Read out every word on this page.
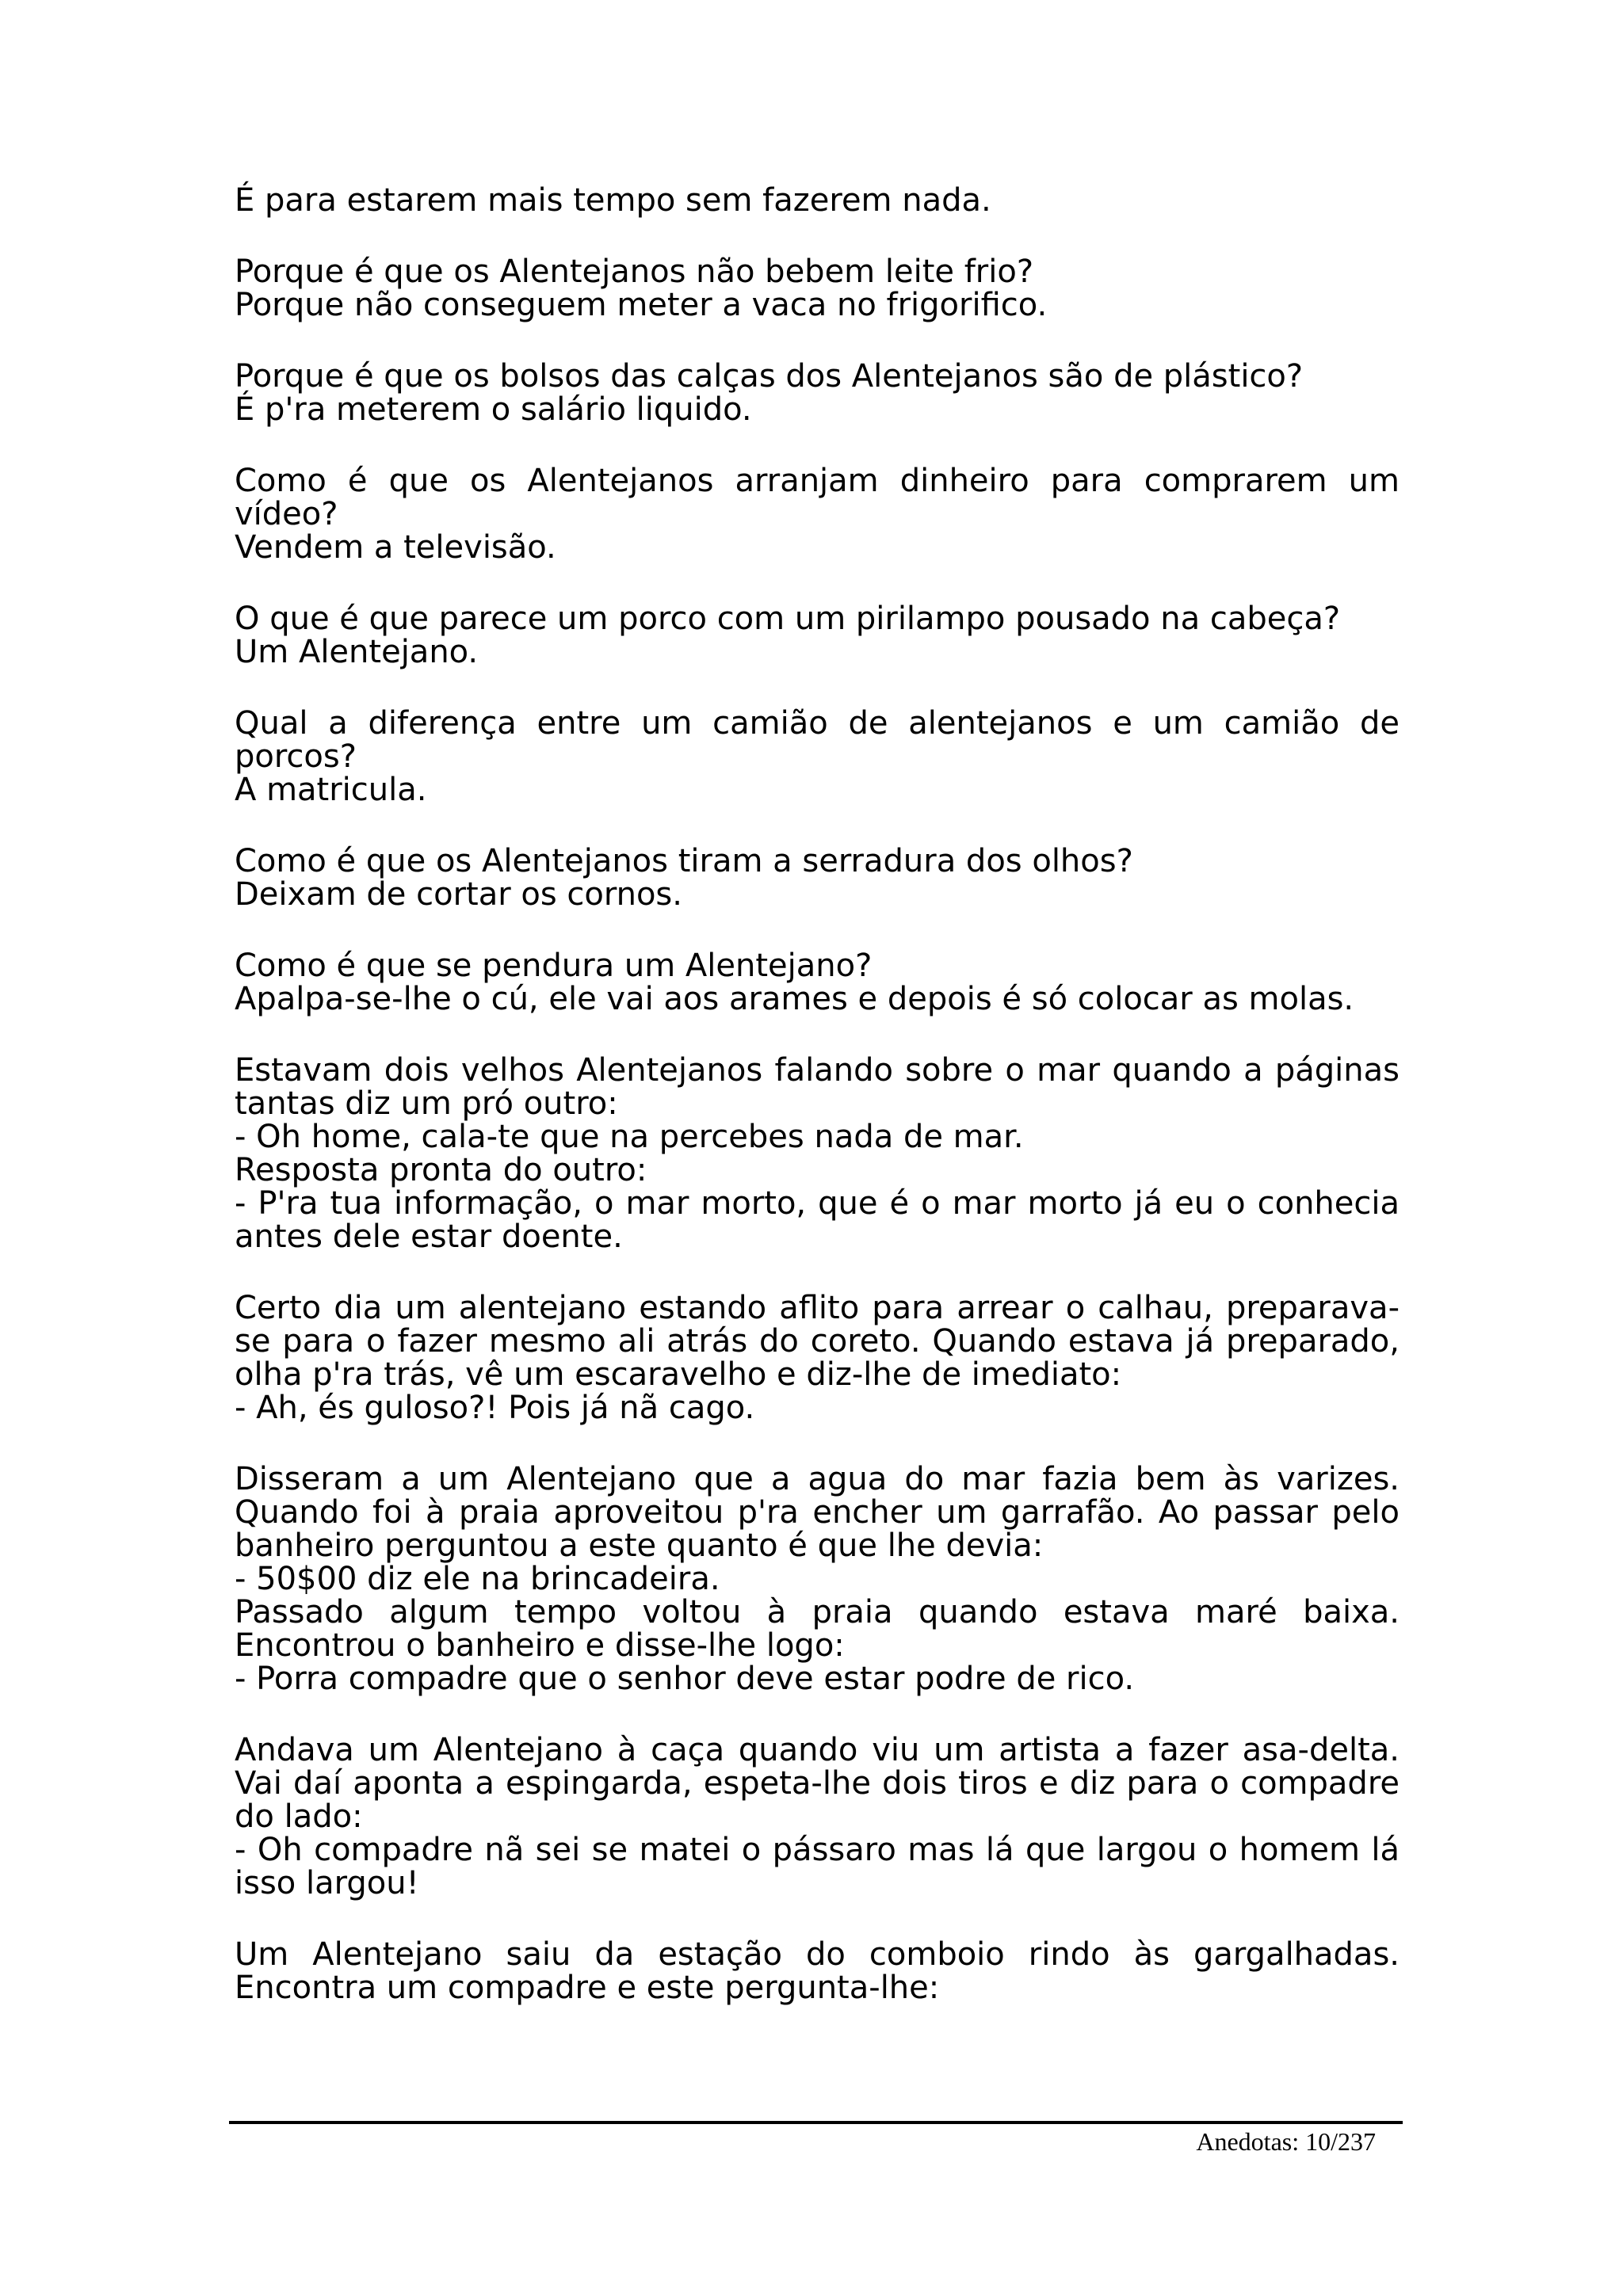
É para estarem mais tempo sem fazerem nada.
Porque é que os Alentejanos não bebem leite frio?
Porque não conseguem meter a vaca no frigorifico.
Porque é que os bolsos das calças dos Alentejanos são de plástico?
É p'ra meterem o salário liquido.
Como é que os Alentejanos arranjam dinheiro para comprarem um vídeo?
Vendem a televisão.
O que é que parece um porco com um pirilampo pousado na cabeça?
Um Alentejano.
Qual a diferença entre um camião de alentejanos e um camião de porcos?
A matricula.
Como é que os Alentejanos tiram a serradura dos olhos?
Deixam de cortar os cornos.
Como é que se pendura um Alentejano?
Apalpa-se-lhe o cú, ele vai aos arames e depois é só colocar as molas.
Estavam dois velhos Alentejanos falando sobre o mar quando a páginas tantas diz um pró outro:
- Oh home, cala-te que na percebes nada de mar.
Resposta pronta do outro:
- P'ra tua informação, o mar morto, que é o mar morto já eu o conhecia antes dele estar doente.
Certo dia um alentejano estando aflito para arrear o calhau, preparava-se para o fazer mesmo ali atrás do coreto. Quando estava já preparado, olha p'ra trás, vê um escaravelho e diz-lhe de imediato:
- Ah, és guloso?! Pois já nã cago.
Disseram a um Alentejano que a agua do mar fazia bem às varizes. Quando foi à praia aproveitou p'ra encher um garrafão. Ao passar pelo banheiro perguntou a este quanto é que lhe devia:
- 50$00 diz ele na brincadeira.
Passado algum tempo voltou à praia quando estava maré baixa. Encontrou o banheiro e disse-lhe logo:
- Porra compadre que o senhor deve estar podre de rico.
Andava um Alentejano à caça quando viu um artista a fazer asa-delta. Vai daí aponta a espingarda, espeta-lhe dois tiros e diz para o compadre do lado:
- Oh compadre nã sei se matei o pássaro mas lá que largou o homem lá isso largou!
Um Alentejano saiu da estação do comboio rindo às gargalhadas. Encontra um compadre e este pergunta-lhe:
Anedotas: 10/237
